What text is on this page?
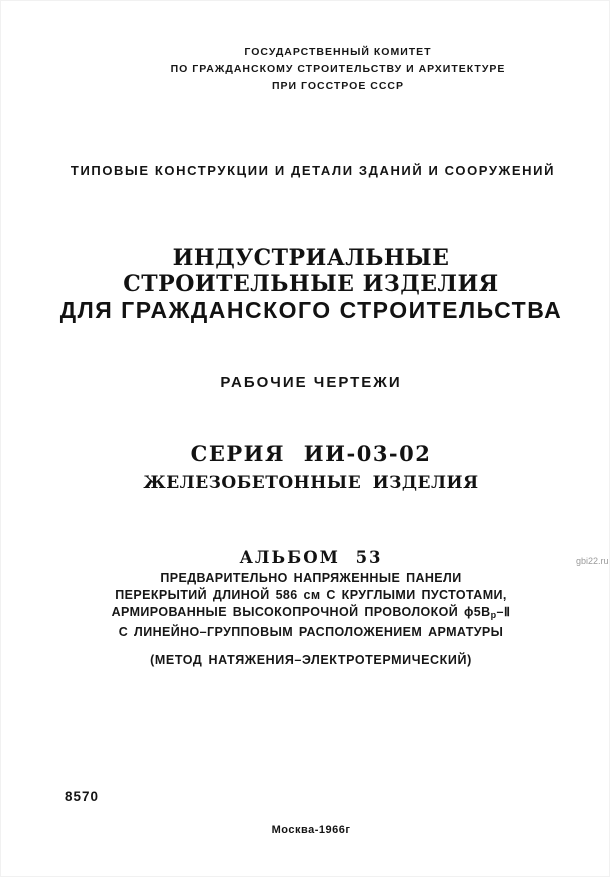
ГОСУДАРСТВЕННЫЙ КОМИТЕТ
ПО ГРАЖДАНСКОМУ СТРОИТЕЛЬСТВУ И АРХИТЕКТУРЕ
ПРИ ГОССТРОЕ СССР
ТИПОВЫЕ КОНСТРУКЦИИ И ДЕТАЛИ ЗДАНИЙ И СООРУЖЕНИЙ
ИНДУСТРИАЛЬНЫЕ
СТРОИТЕЛЬНЫЕ ИЗДЕЛИЯ
ДЛЯ ГРАЖДАНСКОГО СТРОИТЕЛЬСТВА
РАБОЧИЕ ЧЕРТЕЖИ
СЕРИЯ ИИ-03-02
ЖЕЛЕЗОБЕТОННЫЕ ИЗДЕЛИЯ
АЛЬБОМ 53
ПРЕДВАРИТЕЛЬНО НАПРЯЖЕННЫЕ ПАНЕЛИ
ПЕРЕКРЫТИЙ ДЛИНОЙ 586 см С КРУГЛЫМИ ПУСТОТАМИ,
АРМИРОВАННЫЕ ВЫСОКОПРОЧНОЙ ПРОВОЛОКОЙ $\phi 5В_р-Ⅱ$
С ЛИНЕЙНО–ГРУППОВЫМ РАСПОЛОЖЕНИЕМ АРМАТУРЫ
(МЕТОД НАТЯЖЕНИЯ–ЭЛЕКТРОТЕРМИЧЕСКИЙ)
8570
Москва-1966г
gbi22.ru
